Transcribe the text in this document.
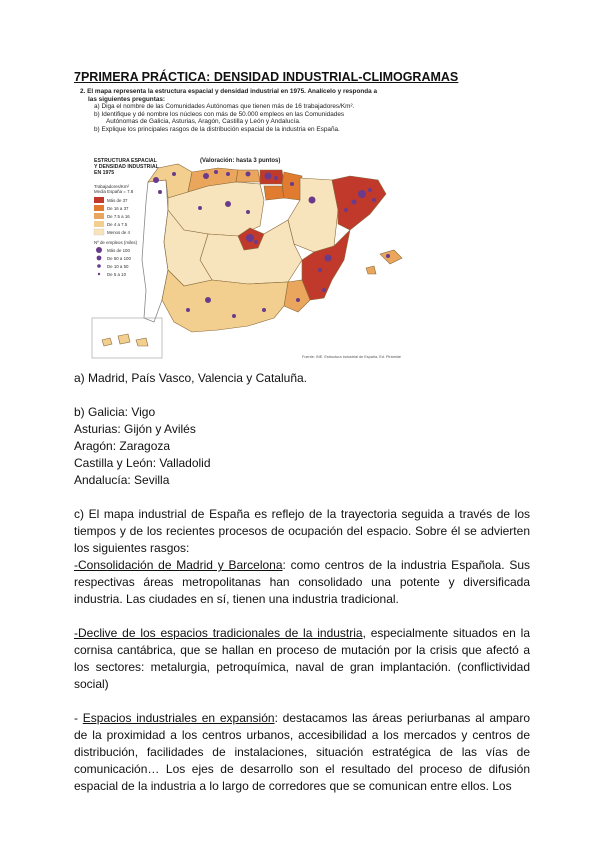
7PRIMERA PRÁCTICA: DENSIDAD INDUSTRIAL-CLIMOGRAMAS
2. El mapa representa la estructura espacial y densidad industrial en 1975. Analícelo y responda a
las siguientes preguntas:
a) Diga el nombre de las Comunidades Autónomas que tienen más de 16 trabajadores/Km².
b) Identifique y dé nombre los núcleos con más de 50.000 empleos en las Comunidades
Autónomas de Galicia, Asturias, Aragón, Castilla y León y Andalucía.
b) Explique los principales rasgos de la distribución espacial de la industria en España.
ESTRUCTURA ESPACIAL
Y DENSIDAD INDUSTRIAL
EN 1975
Trabajadores/Km²
Media España = 7.8
Más de 37
De 16 a 37
De 7.5 a 16
De 4 a 7.5
Menos de 4
Nº de empleos (miles)
Más de 100
De 50 a 100
De 10 a 50
De 5 a 10
(Valoración: hasta 3 puntos)
Fuente: INE. Estructura industrial de España, Ed. Pirámide

a) Madrid, País Vasco, Valencia y Cataluña.

b) Galicia: Vigo

Asturias: Gijón y Avilés

Aragón: Zaragoza

Castilla y León: Valladolid

Andalucía: Sevilla

c) El mapa industrial de España es reflejo de la trayectoria seguida a través de los tiempos y de los recientes procesos de ocupación del espacio. Sobre él se advierten los siguientes rasgos:

-Consolidación de Madrid y Barcelona: como centros de la industria Española. Sus respectivas áreas metropolitanas han consolidado una potente y diversificada industria. Las ciudades en sí, tienen una industria tradicional.

-Declive de los espacios tradicionales de la industria, especialmente situados en la cornisa cantábrica, que se hallan en proceso de mutación por la crisis que afectó a los sectores: metalurgia, petroquímica, naval de gran implantación. (conflictividad social)

- Espacios industriales en expansión: destacamos las áreas periurbanas al amparo de la proximidad a los centros urbanos, accesibilidad a los mercados y centros de distribución, facilidades de instalaciones, situación estratégica de las vías de comunicación… Los ejes de desarrollo son el resultado del proceso de difusión espacial de la industria a lo largo de corredores que se comunican entre ellos. Los
